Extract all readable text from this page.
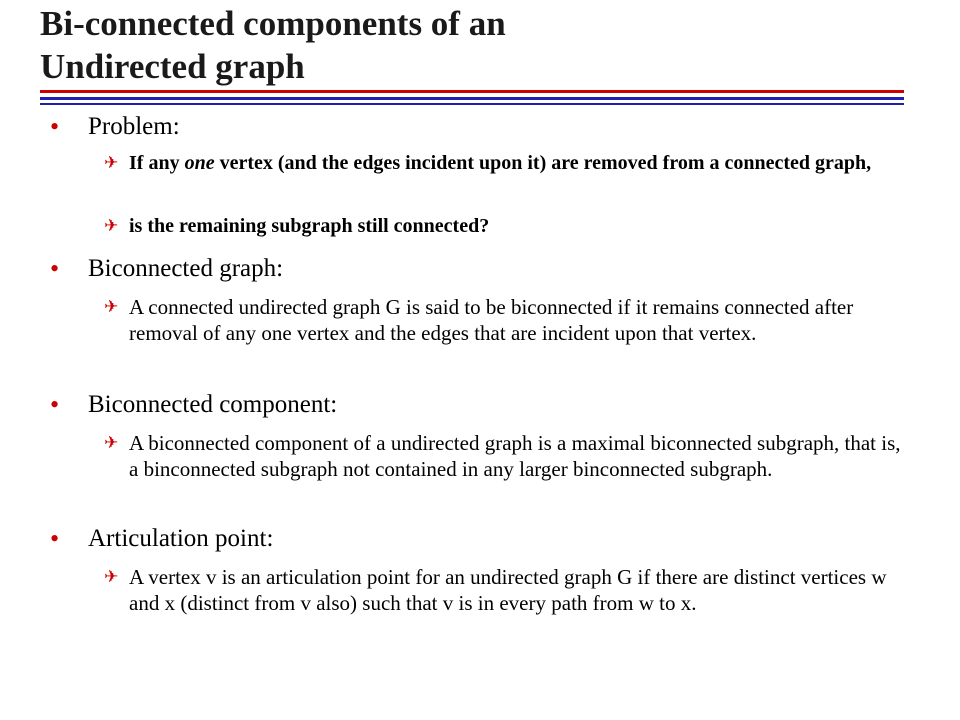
Bi-connected components of an
Undirected graph
•	Problem:
✈ If any one vertex (and the edges incident upon it) are removed from a connected graph,
✈ is the remaining subgraph still connected?
•	Biconnected graph:
✈ A connected undirected graph G is said to be biconnected if it remains connected after removal of any one vertex and the edges that are incident upon that vertex.
•	Biconnected component:
✈ A biconnected component of a undirected graph is a maximal biconnected subgraph, that is, a binconnected subgraph not contained in any larger binconnected subgraph.
•	Articulation point:
✈ A vertex v is an articulation point for an undirected graph G if there are distinct vertices w and x (distinct from v also) such that v is in every path from w to x.
